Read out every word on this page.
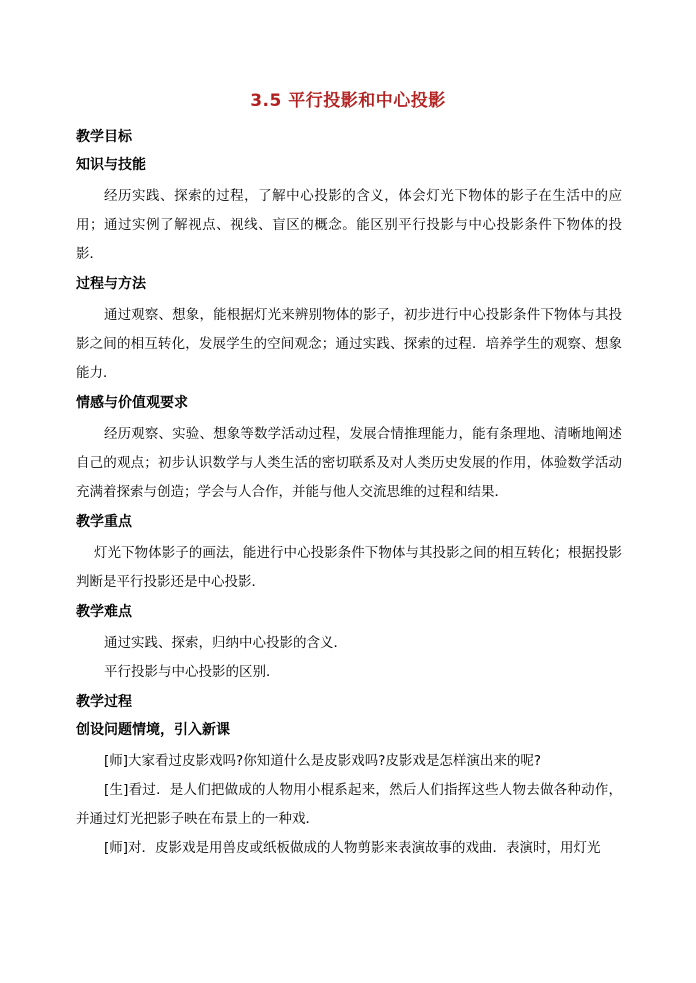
3.5 平行投影和中心投影
教学目标
知识与技能

经历实践、探索的过程，了解中心投影的含义，体会灯光下物体的影子在生活中的应用；通过实例了解视点、视线、盲区的概念。能区别平行投影与中心投影条件下物体的投影．

过程与方法

通过观察、想象，能根据灯光来辨别物体的影子，初步进行中心投影条件下物体与其投影之间的相互转化，发展学生的空间观念；通过实践、探索的过程．培养学生的观察、想象能力．

情感与价值观要求

经历观察、实验、想象等数学活动过程，发展合情推理能力，能有条理地、清晰地阐述自己的观点；初步认识数学与人类生活的密切联系及对人类历史发展的作用，体验数学活动充满着探索与创造；学会与人合作，并能与他人交流思维的过程和结果．

教学重点

灯光下物体影子的画法，能进行中心投影条件下物体与其投影之间的相互转化；根据投影判断是平行投影还是中心投影．

教学难点

通过实践、探索，归纳中心投影的含义．

平行投影与中心投影的区别．

教学过程
创设问题情境，引入新课

[师]大家看过皮影戏吗?你知道什么是皮影戏吗?皮影戏是怎样演出来的呢?

[生]看过．是人们把做成的人物用小棍系起来，然后人们指挥这些人物去做各种动作，并通过灯光把影子映在布景上的一种戏．

[师]对．皮影戏是用兽皮或纸板做成的人物剪影来表演故事的戏曲．表演时，用灯光
